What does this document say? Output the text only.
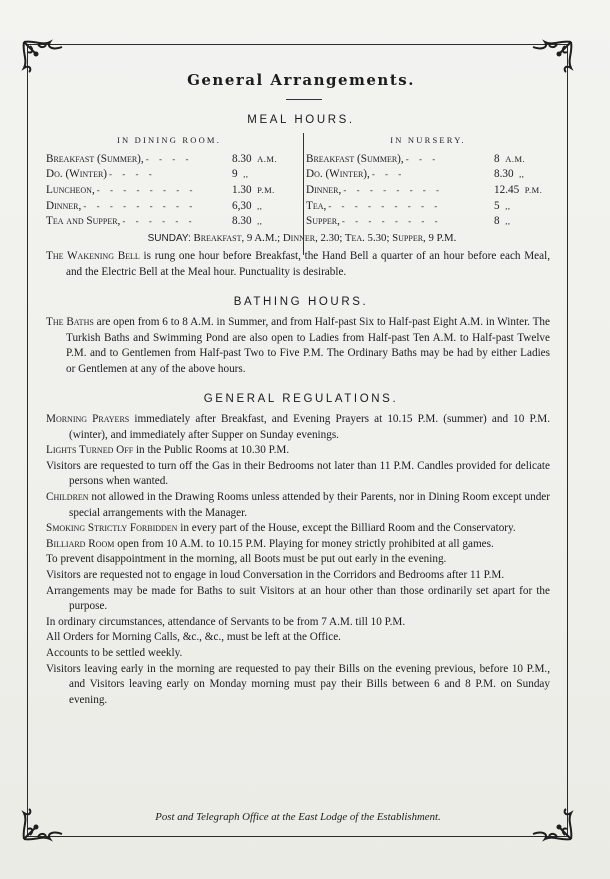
General Arrangements.
MEAL HOURS.
IN DINING ROOM.
Breakfast (Summer), - - - -	8.30 A.M.
Do. (Winter) - - - -	9 ,,
Luncheon, - - - - - - - -	1.30 P.M.
Dinner, - - - - - - - - -	6,30 ,,
Tea and Supper, - - - - - -	8.30 ,,
IN NURSERY.
Breakfast (Summer), - - -	8 A.M.
Do. (Winter), - - -	8.30 ,,
Dinner, - - - - - - - -	12.45 P.M.
Tea, - - - - - - - - -	5 ,,
Supper, - - - - - - - -	8 ,,
SUNDAY: Breakfast, 9 A.M.; Dinner, 2.30; Tea. 5.30; Supper, 9 P.M.
The Wakening Bell is rung one hour before Breakfast, the Hand Bell a quarter of an hour before each Meal, and the Electric Bell at the Meal hour. Punctuality is desirable.
BATHING HOURS.
The Baths are open from 6 to 8 A.M. in Summer, and from Half-past Six to Half-past Eight A.M. in Winter. The Turkish Baths and Swimming Pond are also open to Ladies from Half-past Ten A.M. to Half-past Twelve P.M. and to Gentlemen from Half-past Two to Five P.M. The Ordinary Baths may be had by either Ladies or Gentlemen at any of the above hours.
GENERAL REGULATIONS.
Morning Prayers immediately after Breakfast, and Evening Prayers at 10.15 P.M. (summer) and 10 P.M. (winter), and immediately after Supper on Sunday evenings.
Lights Turned Off in the Public Rooms at 10.30 P.M.
Visitors are requested to turn off the Gas in their Bedrooms not later than 11 P.M. Candles provided for delicate persons when wanted.
Children not allowed in the Drawing Rooms unless attended by their Parents, nor in Dining Room except under special arrangements with the Manager.
Smoking Strictly Forbidden in every part of the House, except the Billiard Room and the Conservatory.
Billiard Room open from 10 A.M. to 10.15 P.M. Playing for money strictly prohibited at all games.
To prevent disappointment in the morning, all Boots must be put out early in the evening.
Visitors are requested not to engage in loud Conversation in the Corridors and Bedrooms after 11 P.M.
Arrangements may be made for Baths to suit Visitors at an hour other than those ordinarily set apart for the purpose.
In ordinary circumstances, attendance of Servants to be from 7 A.M. till 10 P.M.
All Orders for Morning Calls, &c., &c., must be left at the Office.
Accounts to be settled weekly.
Visitors leaving early in the morning are requested to pay their Bills on the evening previous, before 10 P.M., and Visitors leaving early on Monday morning must pay their Bills between 6 and 8 P.M. on Sunday evening.
Post and Telegraph Office at the East Lodge of the Establishment.
